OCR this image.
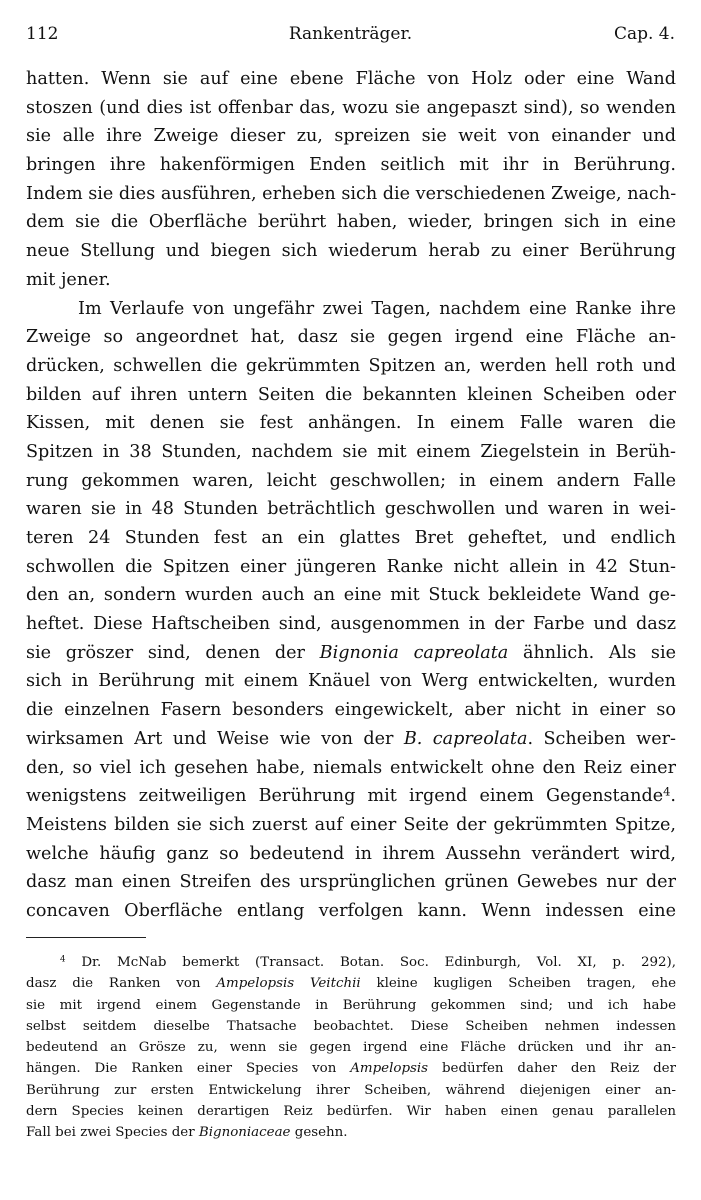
112	Rankenträger.	Cap. 4.
hatten. Wenn sie auf eine ebene Fläche von Holz oder eine Wand
stoszen (und dies ist offenbar das, wozu sie angepaszt sind), so wenden
sie alle ihre Zweige dieser zu, spreizen sie weit von einander und
bringen ihre hakenförmigen Enden seitlich mit ihr in Berührung.
Indem sie dies ausführen, erheben sich die verschiedenen Zweige, nach-
dem sie die Oberfläche berührt haben, wieder, bringen sich in eine
neue Stellung und biegen sich wiederum herab zu einer Berührung
mit jener.
Im Verlaufe von ungefähr zwei Tagen, nachdem eine Ranke ihre
Zweige so angeordnet hat, dasz sie gegen irgend eine Fläche an-
drücken, schwellen die gekrümmten Spitzen an, werden hell roth und
bilden auf ihren untern Seiten die bekannten kleinen Scheiben oder
Kissen, mit denen sie fest anhängen. In einem Falle waren die
Spitzen in 38 Stunden, nachdem sie mit einem Ziegelstein in Berüh-
rung gekommen waren, leicht geschwollen; in einem andern Falle
waren sie in 48 Stunden beträchtlich geschwollen und waren in wei-
teren 24 Stunden fest an ein glattes Bret geheftet, und endlich
schwollen die Spitzen einer jüngeren Ranke nicht allein in 42 Stun-
den an, sondern wurden auch an eine mit Stuck bekleidete Wand ge-
heftet. Diese Haftscheiben sind, ausgenommen in der Farbe und dasz
sie gröszer sind, denen der Bignonia capreolata ähnlich. Als sie
sich in Berührung mit einem Knäuel von Werg entwickelten, wurden
die einzelnen Fasern besonders eingewickelt, aber nicht in einer so
wirksamen Art und Weise wie von der B. capreolata. Scheiben wer-
den, so viel ich gesehen habe, niemals entwickelt ohne den Reiz einer
wenigstens zeitweiligen Berührung mit irgend einem Gegenstande$^4$.
Meistens bilden sie sich zuerst auf einer Seite der gekrümmten Spitze,
welche häufig ganz so bedeutend in ihrem Aussehn verändert wird,
dasz man einen Streifen des ursprünglichen grünen Gewebes nur der
concaven Oberfläche entlang verfolgen kann. Wenn indessen eine
$^4$ Dr. McNab bemerkt (Transact. Botan. Soc. Edinburgh, Vol. XI, p. 292),
dasz die Ranken von Ampelopsis Veitchii kleine kugligen Scheiben tragen, ehe
sie mit irgend einem Gegenstande in Berührung gekommen sind; und ich habe
selbst seitdem dieselbe Thatsache beobachtet. Diese Scheiben nehmen indessen
bedeutend an Grösze zu, wenn sie gegen irgend eine Fläche drücken und ihr an-
hängen. Die Ranken einer Species von Ampelopsis bedürfen daher den Reiz der
Berührung zur ersten Entwickelung ihrer Scheiben, während diejenigen einer an-
dern Species keinen derartigen Reiz bedürfen. Wir haben einen genau parallelen
Fall bei zwei Species der Bignoniaceae gesehn.
